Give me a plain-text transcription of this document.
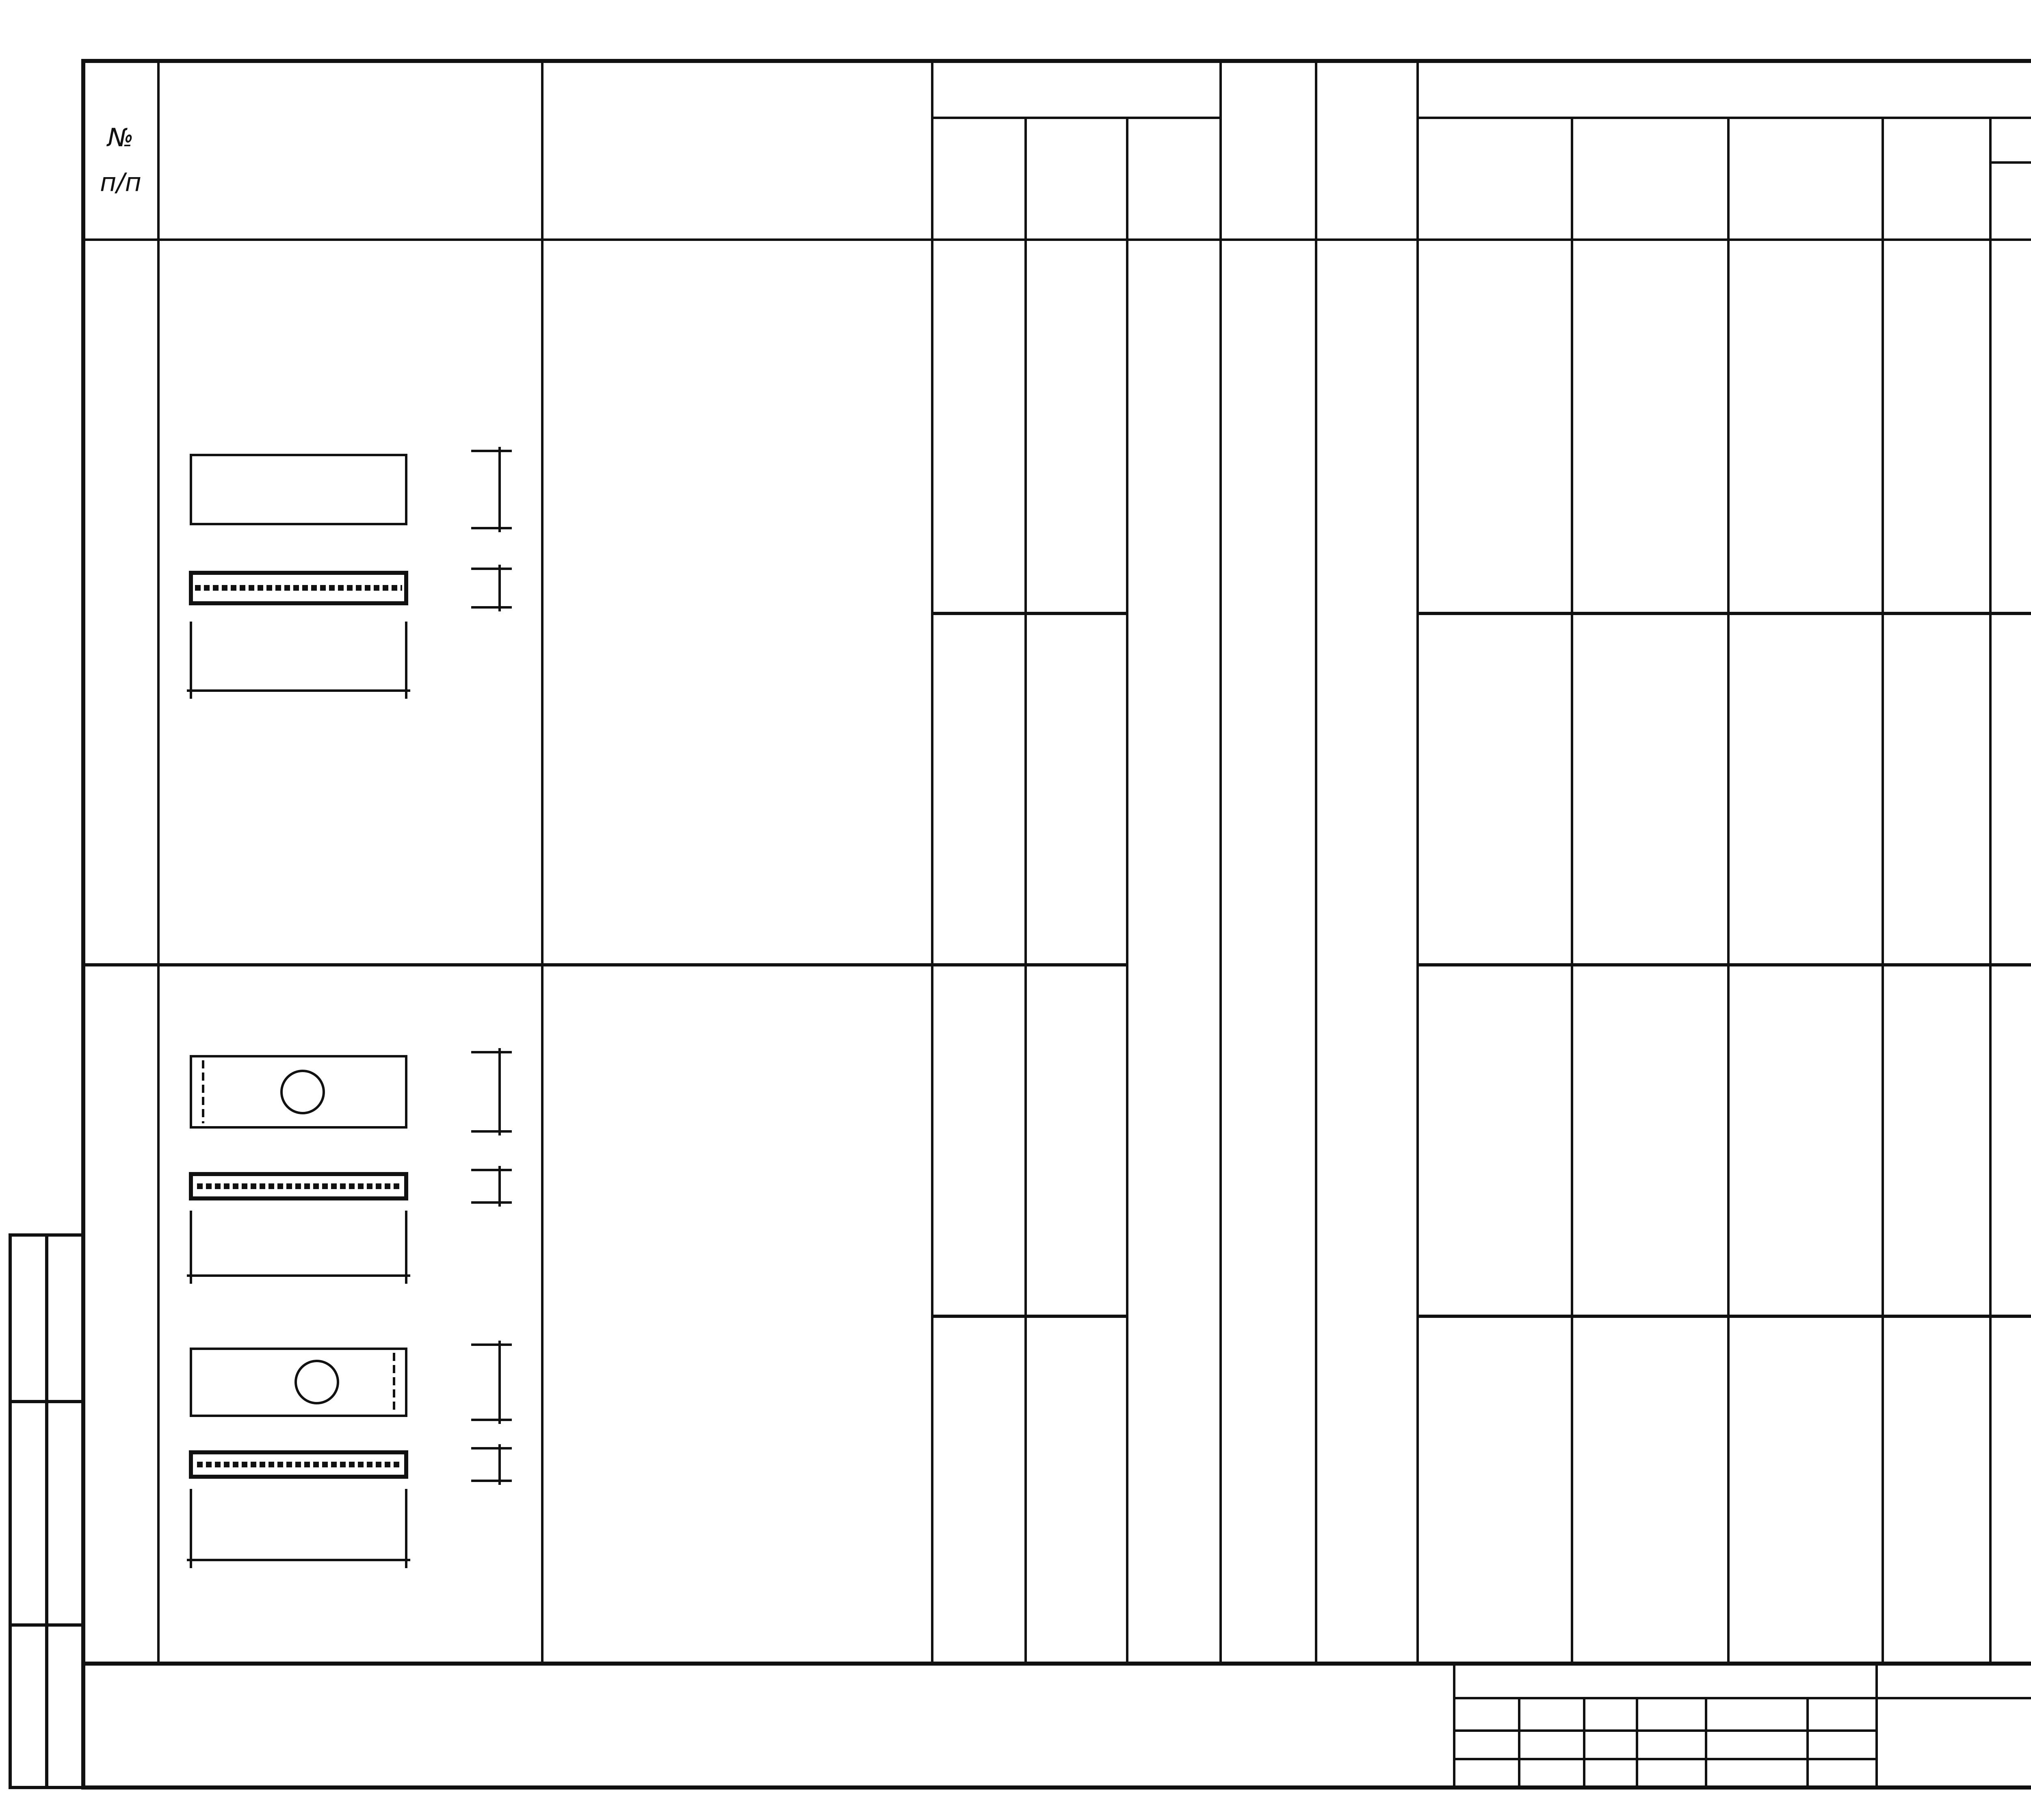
№
п/п
